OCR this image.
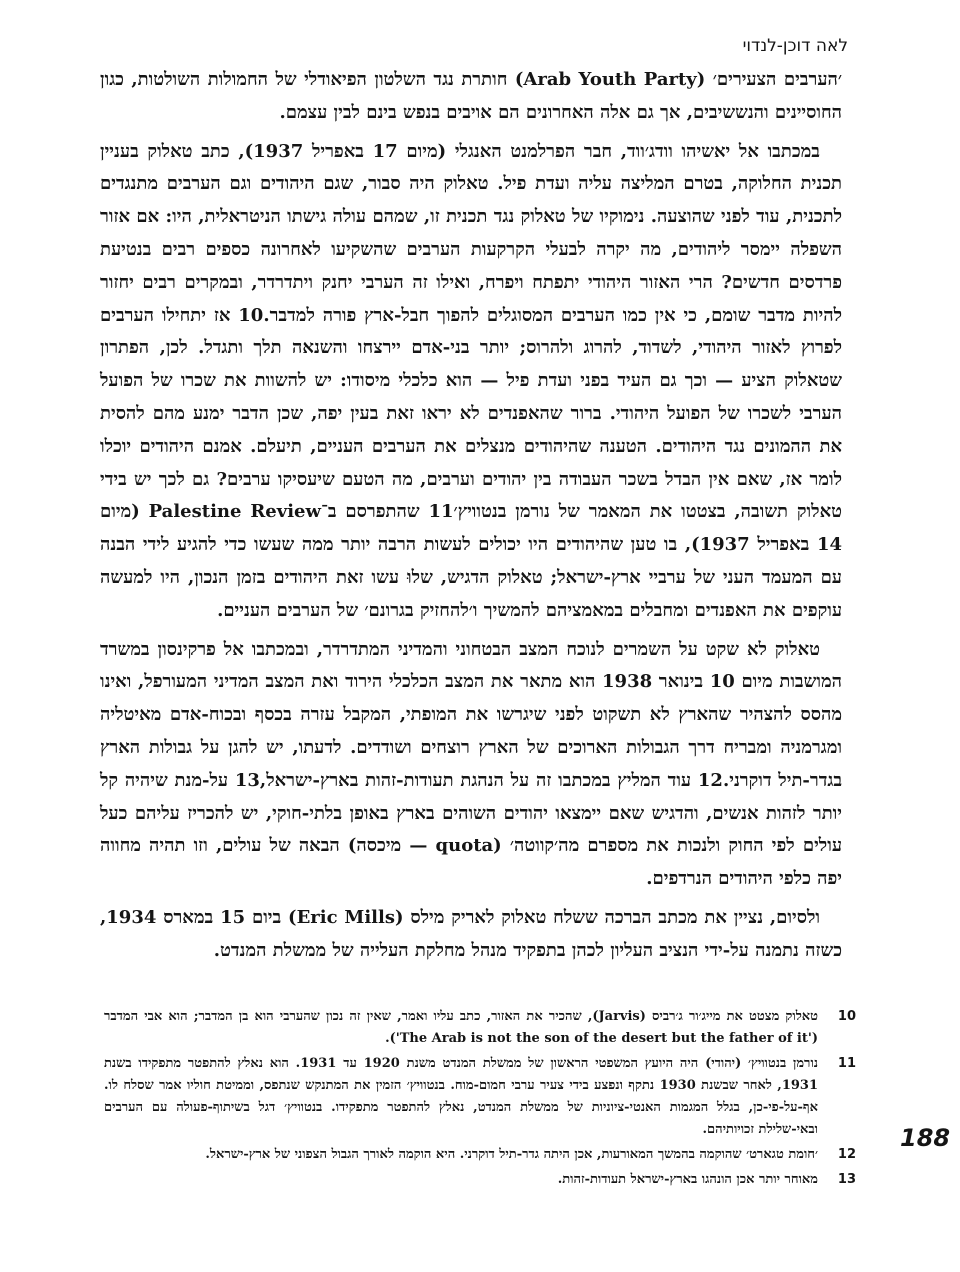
לאה דוכן-לנדוי

׳הערבים הצעירים׳ (Arab Youth Party) חותרת נגד השלטון הפיאודלי של החמולות השולטות, כגון החוסיינים והנששיבים, אך גם אלה האחרונים הם אויבים בנפש בינם לבין עצמם.

במכתבו אל יאשיהו וודג׳ווד, חבר הפרלמנט האנגלי (מיום 17 באפריל 1937), כתב טאלוק בעניין תכנית החלוקה, בטרם המליצה עליה ועדת פיל. טאלוק היה סבור, שגם היהודים וגם הערבים מתנגדים לתכנית, עוד לפני שהוצעה. נימוקיו של טאלוק נגד תכנית זו, שמהם עולה גישתו הניטראלית, היו: אם אזור השפלה יימסר ליהודים, מה יקרה לבעלי הקרקעות הערבים שהשקיעו לאחרונה כספים רבים בנטיעת פרדסים חדשים? הרי האזור היהודי יתפתח ויפרח, ואילו זה הערבי יחנק ויתדרדר, ובמקרים רבים יחזור להיות מדבר שומם, כי אין כמו הערבים המסוגלים להפוך חבל-ארץ פורה למדבר.10 אז יתחילו הערבים לפרוץ לאזור היהודי, לשדוד, להרוג ולהרוס; יותר בני-אדם יירצחו והשנאה תלך ותגדל. לכן, הפתרון שטאלוק הציע — וכך גם העיד בפני ועדת פיל — הוא כלכלי מיסודו: יש להשוות את שכרו של הפועל הערבי לשכרו של הפועל היהודי. ברור שהאפנדים לא יראו זאת בעין יפה, שכן הדבר ימנע מהם להסית את ההמונים נגד היהודים. הטענה שהיהודים מנצלים את הערבים העניים, תיעלם. אמנם היהודים יוכלו לומר אז, שאם אין הבדל בשכר העבודה בין יהודים וערבים, מה הטעם שיעסיקו ערבים? גם לכך יש בידי טאלוק תשובה, בצטטו את המאמר של נורמן בנטוויץ׳11 שהתפרסם ב־Palestine Review (מיום 14 באפריל 1937), בו טען שהיהודים היו יכולים לעשות הרבה יותר ממה שעשו כדי להגיע לידי הבנה עם המעמד העני של ערביי ארץ-ישראל; טאלוק הדגיש, שלוּ עשו זאת היהודים בזמן הנכון, היו למעשה עוקפים את האפנדים ומחבלים במאמציהם להמשיך ו׳להחזיק בגרונם׳ של הערבים העניים.

טאלוק לא שקט על השמרים לנוכח המצב הבטחוני והמדיני המתדרדר, ובמכתבו אל פרקינסון במשרד המושבות מיום 10 בינואר 1938 הוא מתאר את המצב הכלכלי הירוד ואת המצב המדיני המעורפל, ואינו מהסס להצהיר שהארץ לא תשקוט לפני שיגרשו את המופתי, המקבל עזרה בכסף ובכוח-אדם מאיטליה ומגרמניה ומבריח דרך הגבולות הארוכים של הארץ רוצחים ושודדים. לדעתו, יש להגן על גבולות הארץ בגדר-תיל דוקרני.12 עוד המליץ במכתבו זה על הנהגת תעודות-זהות בארץ-ישראל,13 על-מנת שיהיה קל יותר לזהות אנשים, והדגיש שאם יימצאו יהודים השוהים בארץ באופן בלתי-חוקי, יש להכריז עליהם כעל עולים לפי החוק ולנכות את מספרם מה׳קווטה׳ (quota — מיכסה) הבאה של עולים, וזו תהיה מחווה יפה כלפי היהודים הנרדפים.

ולסיום, נציין את מכתב הברכה ששלח טאלוק לאריק מילס (Eric Mills) ביום 15 במארס 1934, כשזה נתמנה על-ידי הנציב העליון לכהן בתפקיד מנהל מחלקת העלייה של ממשלת המנדט.

10
טאלוק מצטט את מייג׳ור ג׳רביס (Jarvis), שהכיר את האזור, כתב עליו ואמר, שאין זה נכון שהערבי הוא בן המדבר; הוא אבי המדבר ('The Arab is not the son of the desert but the father of it').
11
נורמן בנטוויץ׳ (יהודי) היה היועץ המשפטי הראשון של ממשלת המנדט משנת 1920 עד 1931. הוא נאלץ להתפטר מתפקידו בשנת 1931, לאחר שבשנת 1930 נתקף ונפצע בידי צעיר ערבי חמום-מוח. בנטוויץ׳ הזמין את המתנקש שנתפס, וממיטת חוליו אמר שסלח לו. אף-על-פי-כן, בגלל המגמות האנטי-ציוניות של ממשלת המנדט, נאלץ להתפטר מתפקידו. בנטוויץ׳ דגל בשיתוף-פעולה עם הערבים ובאי-שלילת זכויותיהם.
12
׳חומת טגארט׳ שהוקמה בהמשך המאורעות, אכן היתה גדר-תיל דוקרני. היא הוקמה לאורך הגבול הצפוני של ארץ-ישראל.
13
מאוחר יותר אכן הונהגו בארץ-ישראל תעודות-זהות.
188
